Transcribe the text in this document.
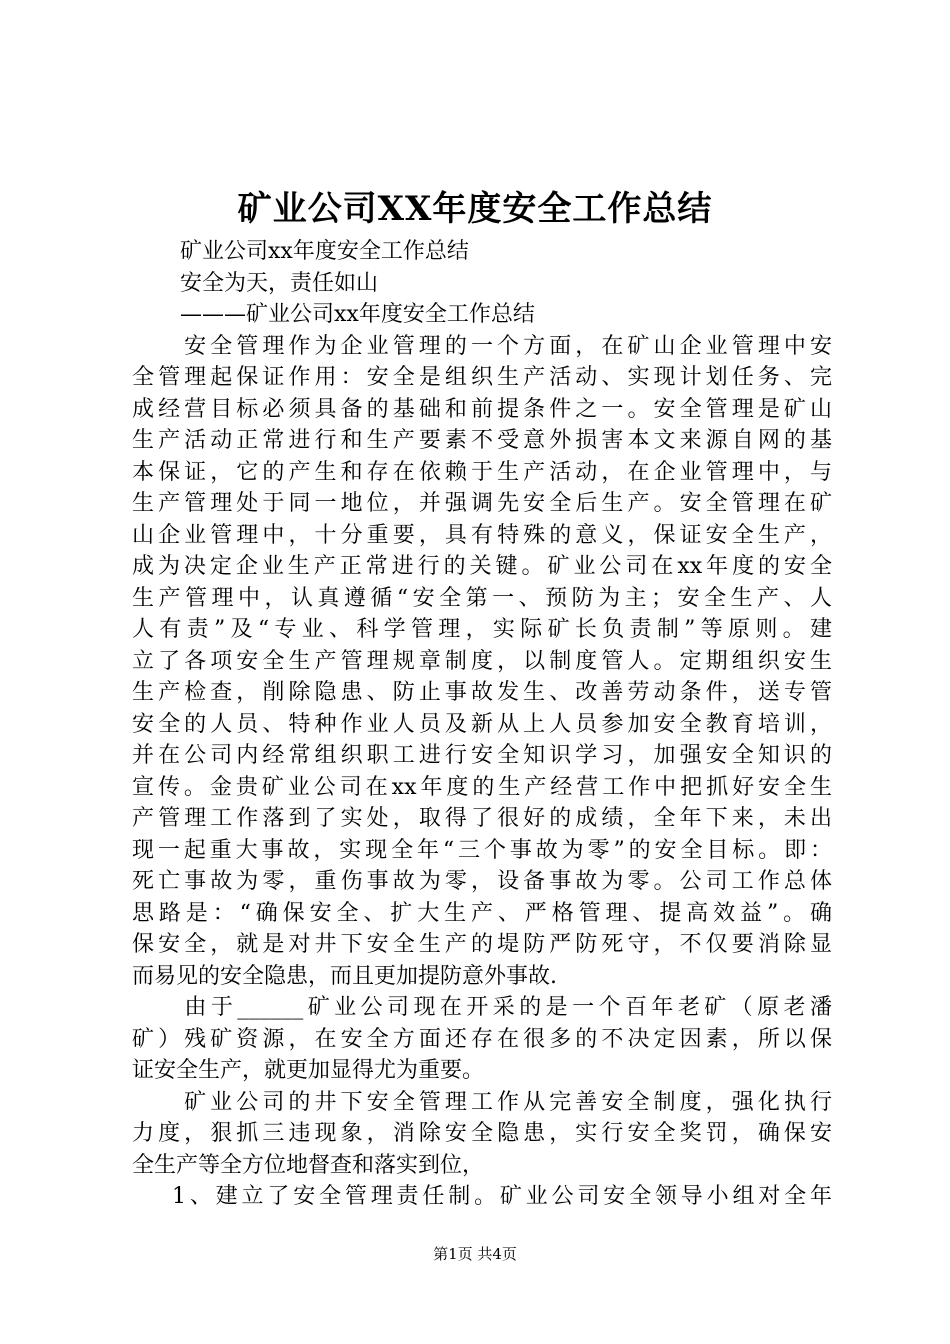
矿业公司XX年度安全工作总结
矿业公司xx年度安全工作总结
安全为天，责任如山
———矿业公司xx年度安全工作总结
安全管理作为企业管理的一个方面，在矿山企业管理中安
全管理起保证作用：安全是组织生产活动、实现计划任务、完
成经营目标必须具备的基础和前提条件之一。安全管理是矿山
生产活动正常进行和生产要素不受意外损害本文来源自网的基
本保证，它的产生和存在依赖于生产活动，在企业管理中，与
生产管理处于同一地位，并强调先安全后生产。安全管理在矿
山企业管理中，十分重要，具有特殊的意义，保证安全生产，
成为决定企业生产正常进行的关键。矿业公司在xx年度的安全
生产管理中，认真遵循“安全第一、预防为主；安全生产、人
人有责”及“专业、科学管理，实际矿长负责制”等原则。建
立了各项安全生产管理规章制度，以制度管人。定期组织安生
生产检查，削除隐患、防止事故发生、改善劳动条件，送专管
安全的人员、特种作业人员及新从上人员参加安全教育培训，
并在公司内经常组织职工进行安全知识学习，加强安全知识的
宣传。金贵矿业公司在xx年度的生产经营工作中把抓好安全生
产管理工作落到了实处，取得了很好的成绩，全年下来，未出
现一起重大事故，实现全年“三个事故为零”的安全目标。即：
死亡事故为零，重伤事故为零，设备事故为零。公司工作总体
思路是：“确保安全、扩大生产、严格管理、提高效益”。确
保安全，就是对井下安全生产的堤防严防死守，不仅要消除显
而易见的安全隐患，而且更加提防意外事故.
由于______矿业公司现在开采的是一个百年老矿（原老潘
矿）残矿资源，在安全方面还存在很多的不决定因素，所以保
证安全生产，就更加显得尤为重要。
矿业公司的井下安全管理工作从完善安全制度，强化执行
力度，狠抓三违现象，消除安全隐患，实行安全奖罚，确保安
全生产等全方位地督查和落实到位，
1、建立了安全管理责任制。矿业公司安全领导小组对全年
第1页 共4页
